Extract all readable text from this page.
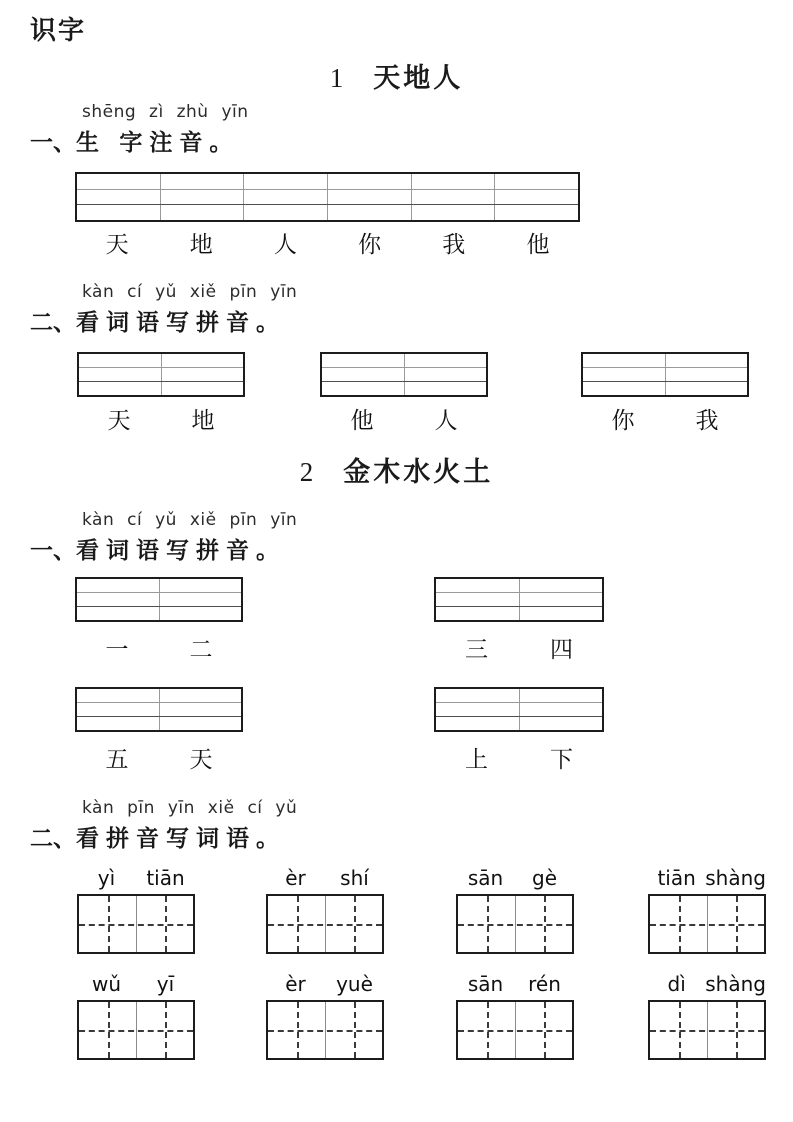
识字
1 天地人
shēng zì zhù yīn
一、生 字注音。
天	地	人	你	我	他
kàn cí yǔ xiě pīn yīn
二、看词语写拼音。
天	地	他	人	你	我
2 金木水火土
kàn cí yǔ xiě pīn yīn
一、看词语写拼音。
一	二	三	四
五	天	上	下
kàn pīn yīn xiě cí yǔ
二、看拼音写词语。
yì	tiān	èr	shí	sān	gè	tiān shàng
wǔ	yī	èr	yuè	sān	rén	dì shàng
